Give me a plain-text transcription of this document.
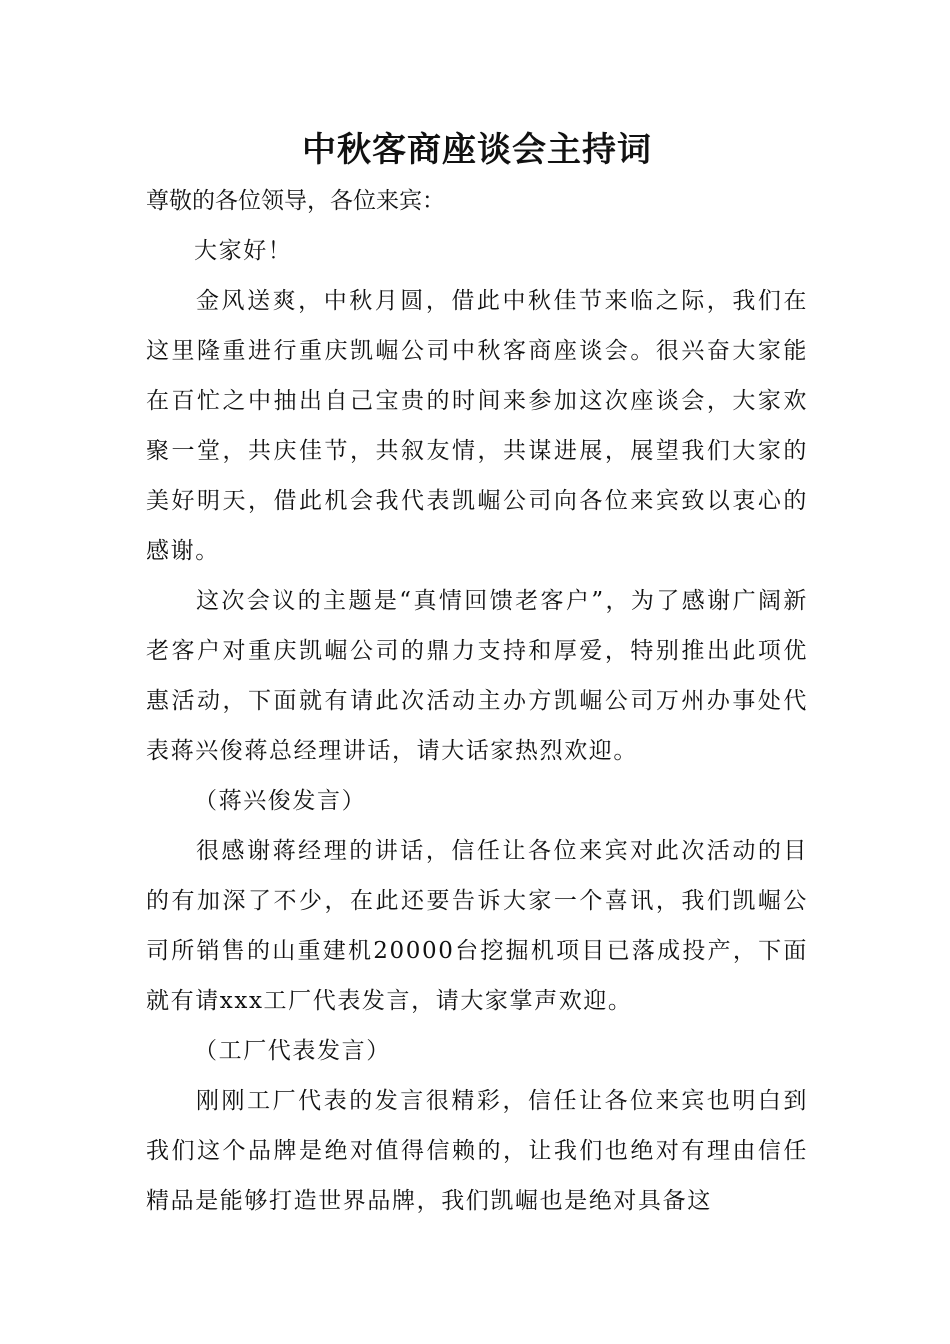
中秋客商座谈会主持词

尊敬的各位领导，各位来宾：

大家好！

金风送爽，中秋月圆，借此中秋佳节来临之际，我们在这里隆重进行重庆凯崛公司中秋客商座谈会。很兴奋大家能在百忙之中抽出自己宝贵的时间来参加这次座谈会，大家欢聚一堂，共庆佳节，共叙友情，共谋进展，展望我们大家的美好明天，借此机会我代表凯崛公司向各位来宾致以衷心的感谢。

这次会议的主题是“真情回馈老客户”，为了感谢广阔新老客户对重庆凯崛公司的鼎力支持和厚爱，特别推出此项优惠活动，下面就有请此次活动主办方凯崛公司万州办事处代表蒋兴俊蒋总经理讲话，请大话家热烈欢迎。

（蒋兴俊发言）

很感谢蒋经理的讲话，信任让各位来宾对此次活动的目的有加深了不少，在此还要告诉大家一个喜讯，我们凯崛公司所销售的山重建机20000台挖掘机项目已落成投产，下面就有请xxx工厂代表发言，请大家掌声欢迎。

（工厂代表发言）

刚刚工厂代表的发言很精彩，信任让各位来宾也明白到我们这个品牌是绝对值得信赖的，让我们也绝对有理由信任精品是能够打造世界品牌，我们凯崛也是绝对具备这
